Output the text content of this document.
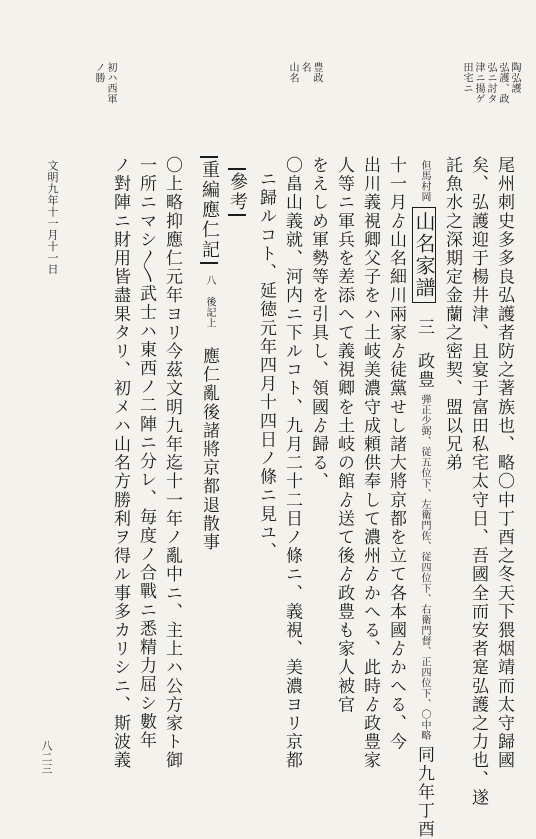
陶弘護
弘護、政
弘ニ討タ
津ニ揚ゲ
田宅ニ
豊政
名
山名
初ハ西軍
ノ勝
尾州刺史多多良弘護者防之著族也、略〇中丁酉之冬天下猥烟靖而太守歸國
矣、弘護迎于楊井津、且宴于富田私宅太守日、吾國全而安者寔弘護之力也、遂
託魚水之深期定金蘭之密契、盟以兄弟
但馬村岡 山名家譜 三 政豊 弾正少弼、従五位下、左衛門佐、従四位下、右衛門督、正四位下、〇中略 同九年丁酉
十一月ゟ山名細川兩家ゟ徒黨せし諸大將京都を立て各本國ゟかへる、今
出川義視卿父子をハ土岐美濃守成頼供奉して濃州ゟかへる、此時ゟ政豊家
人等ニ軍兵を差添へて義視卿を土岐の館ゟ送て後ゟ政豊も家人被官
をえしめ軍勢等を引具し、領國ゟ歸る、
〇畠山義就、河内ニ下ルコト、九月二十二日ノ條ニ、義視、美濃ヨリ京都
ニ歸ルコト、延徳元年四月十四日ノ條ニ見ユ、
參考
重編應仁記 八 後記上 應仁亂後諸將京都退散事
〇上略抑應仁元年ヨリ今茲文明九年迄十一年ノ亂中ニ、主上ハ公方家ト御
一所ニマシ〳〵武士ハ東西ノ二陣ニ分レ、毎度ノ合戰ニ悉精力屈シ數年
ノ對陣ニ財用皆盡果タリ、初メハ山名方勝利ヲ得ル事多カリシニ、斯波義
文明九年十一月十一日
八二三
